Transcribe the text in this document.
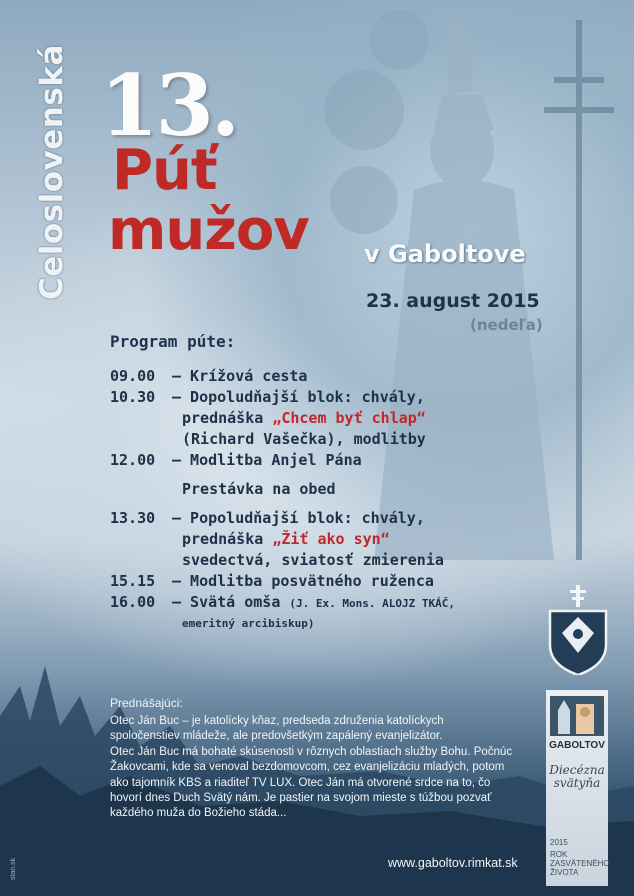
Celoslovenská 13.
Púť
mužov v Gaboltove
23. august 2015
(nedeľa)
Program púte:
09.00	– Krížová cesta
10.30	– Dopoludňajší blok: chvály,
prednáška „Chcem byť chlap“
(Richard Vašečka), modlitby
12.00	– Modlitba Anjel Pána
Prestávka na obed
13.30	– Popoludňajší blok: chvály,
prednáška „Žiť ako syn“
svedectvá, sviatosť zmierenia
15.15	– Modlitba posvätného ruženca
16.00	– Svätá omša (J. Ex. Mons. ALOJZ TKÁČ,
emeritný arcibiskup)
Prednášajúci:

Otec Ján Buc – je katolícky kňaz, predseda združenia katolíckych spoločenstiev mládeže, ale predovšetkým zapálený evanjelizátor.

Otec Ján Buc má bohaté skúsenosti v rôznych oblastiach služby Bohu. Počnúc Žakovcami, kde sa venoval bezdomovcom, cez evanjelizáciu mladých, potom ako tajomník KBS a riaditeľ TV LUX. Otec Ján má otvorené srdce na to, čo hovorí dnes Duch Svätý nám. Je pastier na svojom mieste s túžbou pozvať každého muža do Božieho stáda...

www.gaboltov.rimkat.sk
stan.sk
GABOLTOV
Diecézna
svätyňa
2015
ROK
ZASVÄTENÉHO
ŽIVOTA
